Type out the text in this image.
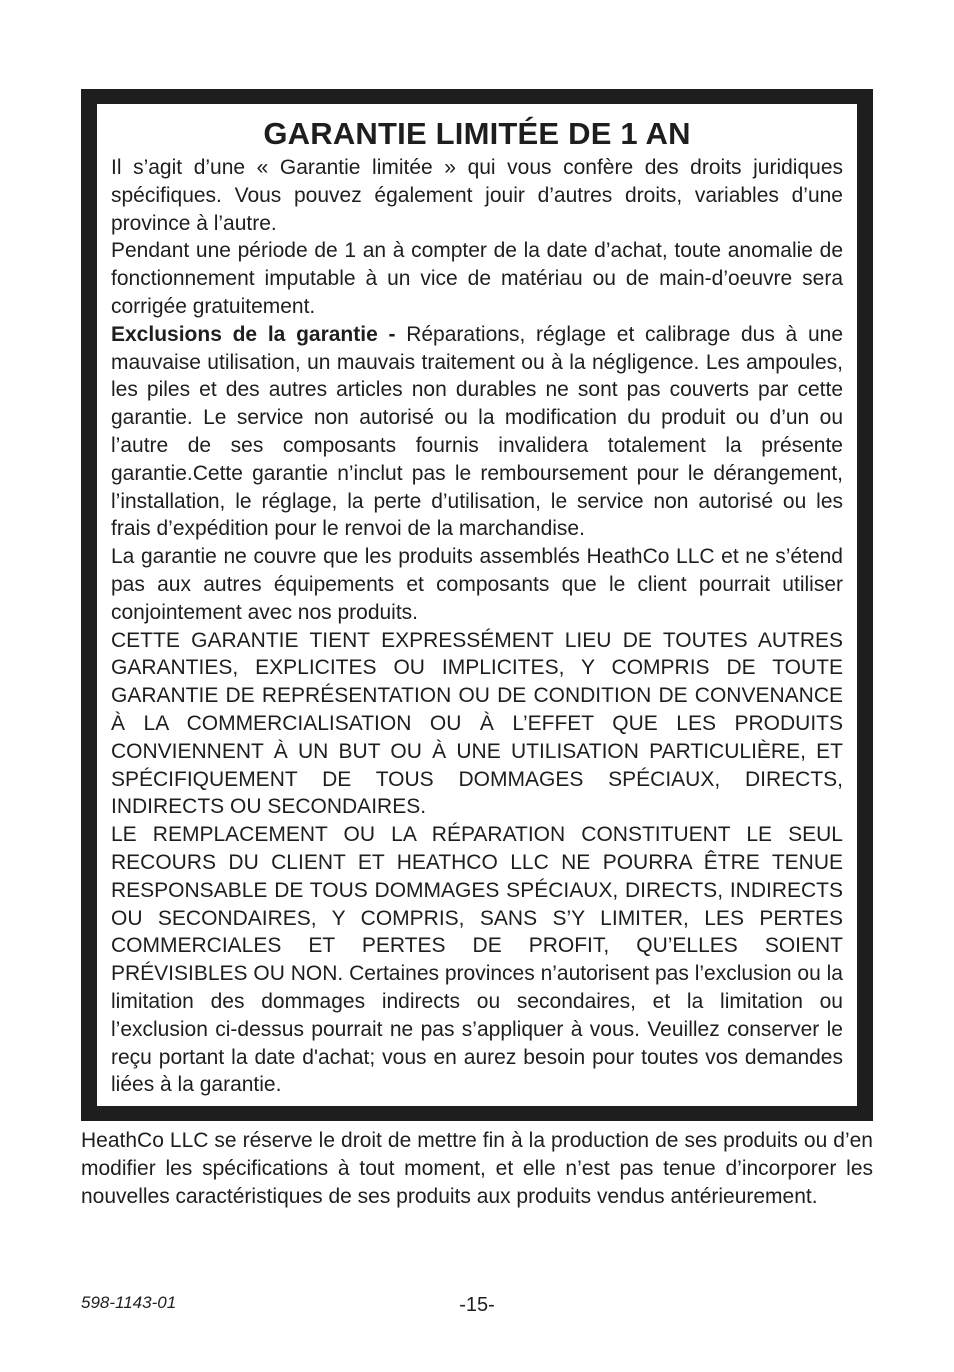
GARANTIE LIMITÉE DE 1 AN

Il s’agit d’une « Garantie limitée » qui vous confère des droits juridiques spécifiques. Vous pouvez également jouir d’autres droits, variables d’une province à l’autre.

Pendant une période de 1 an à compter de la date d’achat, toute anomalie de fonctionnement imputable à un vice de matériau ou de main-d’oeuvre sera corrigée gratuitement.

Exclusions de la garantie - Réparations, réglage et calibrage dus à une mauvaise utilisation, un mauvais traitement ou à la négligence. Les ampoules, les piles et des autres articles non durables ne sont pas couverts par cette garantie. Le service non autorisé ou la modification du produit ou d’un ou l’autre de ses composants fournis invalidera totalement la présente garantie.Cette garantie n’inclut pas le remboursement pour le dérangement, l’installation, le réglage, la perte d’utilisation, le service non autorisé ou les frais d’expédition pour le renvoi de la marchandise.

La garantie ne couvre que les produits assemblés HeathCo LLC et ne s’étend pas aux autres équipements et composants que le client pourrait utiliser conjointement avec nos produits.

CETTE GARANTIE TIENT EXPRESSÉMENT LIEU DE TOUTES AUTRES GARANTIES, EXPLICITES OU IMPLICITES, Y COMPRIS DE TOUTE GARANTIE DE REPRÉSENTATION OU DE CONDITION DE CONVENANCE À LA COMMERCIALISATION OU À L’EFFET QUE LES PRODUITS CONVIENNENT À UN BUT OU À UNE UTILISATION PARTICULIÈRE, ET SPÉCIFIQUEMENT DE TOUS DOMMAGES SPÉCIAUX, DIRECTS, INDIRECTS OU SECONDAIRES.

LE REMPLACEMENT OU LA RÉPARATION CONSTITUENT LE SEUL RECOURS DU CLIENT ET HEATHCO LLC NE POURRA ÊTRE TENUE RESPONSABLE DE TOUS DOMMAGES SPÉCIAUX, DIRECTS, INDIRECTS OU SECONDAIRES, Y COMPRIS, SANS S’Y LIMITER, LES PERTES COMMERCIALES ET PERTES DE PROFIT, QU’ELLES SOIENT PRÉVISIBLES OU NON. Certaines provinces n’autorisent pas l’exclusion ou la limitation des dommages indirects ou secondaires, et la limitation ou l’exclusion ci-dessus pourrait ne pas s’appliquer à vous. Veuillez conserver le reçu portant la date d'achat; vous en aurez besoin pour toutes vos demandes liées à la garantie.

HeathCo LLC se réserve le droit de mettre fin à la production de ses produits ou d’en modifier les spécifications à tout moment, et elle n’est pas tenue d’incorporer les nouvelles caractéristiques de ses produits aux produits vendus antérieurement.

598-1143-01	-15-
